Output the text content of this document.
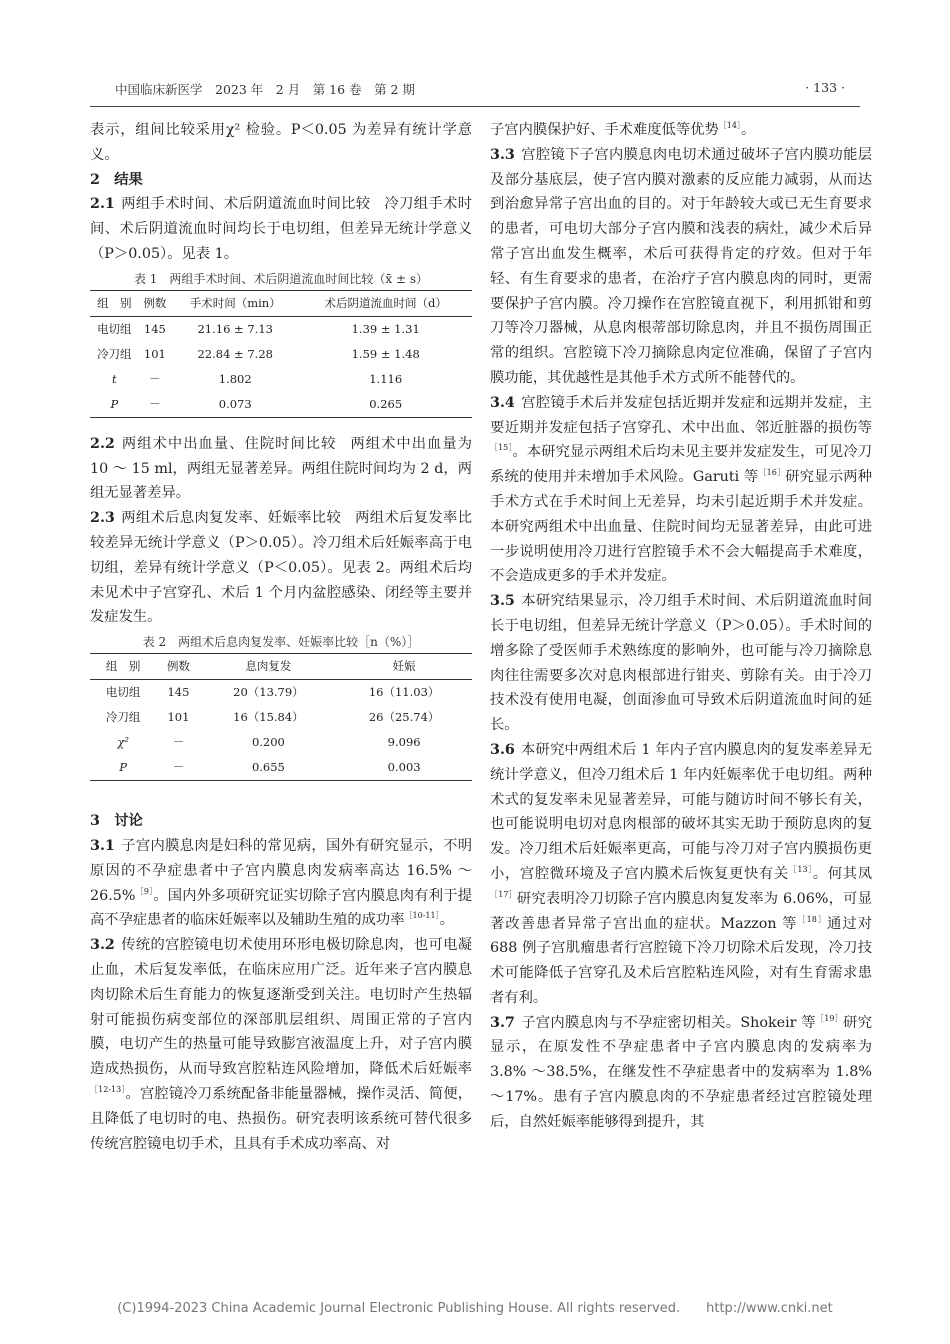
中国临床新医学　2023 年　2 月　第 16 卷　第 2 期	· 133 ·

表示，组间比较采用χ² 检验。P＜0.05 为差异有统计学意义。

2　结果

2.1 两组手术时间、术后阴道流血时间比较 冷刀组手术时间、术后阴道流血时间均长于电切组，但差异无统计学意义（P＞0.05）。见表 1。

表 1　两组手术时间、术后阴道流血时间比较（x̄ ± s）
组　别	例数	手术时间（min）	术后阴道流血时间（d）
电切组	145	21.16 ± 7.13	1.39 ± 1.31
冷刀组	101	22.84 ± 7.28	1.59 ± 1.48
t	－	1.802	1.116
P	－	0.073	0.265

2.2 两组术中出血量、住院时间比较 两组术中出血量为 10 ～ 15 ml，两组无显著差异。两组住院时间均为 2 d，两组无显著差异。

2.3 两组术后息肉复发率、妊娠率比较 两组术后复发率比较差异无统计学意义（P＞0.05）。冷刀组术后妊娠率高于电切组，差异有统计学意义（P＜0.05）。见表 2。两组术后均未见术中子宫穿孔、术后 1 个月内盆腔感染、闭经等主要并发症发生。

表 2　两组术后息肉复发率、妊娠率比较［n（%）］
组　别	例数	息肉复发	妊娠
电切组	145	20（13.79）	16（11.03）
冷刀组	101	16（15.84）	26（25.74）
χ²	－	0.200	9.096
P	－	0.655	0.003

3　讨论

3.1 子宫内膜息肉是妇科的常见病，国外有研究显示，不明原因的不孕症患者中子宫内膜息肉发病率高达 16.5% ～26.5%$^{[9]}$。国内外多项研究证实切除子宫内膜息肉有利于提高不孕症患者的临床妊娠率以及辅助生殖的成功率$^{[10-11]}$。

3.2 传统的宫腔镜电切术使用环形电极切除息肉，也可电凝止血，术后复发率低，在临床应用广泛。近年来子宫内膜息肉切除术后生育能力的恢复逐渐受到关注。电切时产生热辐射可能损伤病变部位的深部肌层组织、周围正常的子宫内膜，电切产生的热量可能导致膨宫液温度上升，对子宫内膜造成热损伤，从而导致宫腔粘连风险增加，降低术后妊娠率$^{[12-13]}$。宫腔镜冷刀系统配备非能量器械，操作灵活、简便，且降低了电切时的电、热损伤。研究表明该系统可替代很多传统宫腔镜电切手术，且具有手术成功率高、对

子宫内膜保护好、手术难度低等优势$^{[14]}$。

3.3 宫腔镜下子宫内膜息肉电切术通过破坏子宫内膜功能层及部分基底层，使子宫内膜对激素的反应能力减弱，从而达到治愈异常子宫出血的目的。对于年龄较大或已无生育要求的患者，可电切大部分子宫内膜和浅表的病灶，减少术后异常子宫出血发生概率，术后可获得肯定的疗效。但对于年轻、有生育要求的患者，在治疗子宫内膜息肉的同时，更需要保护子宫内膜。冷刀操作在宫腔镜直视下，利用抓钳和剪刀等冷刀器械，从息肉根蒂部切除息肉，并且不损伤周围正常的组织。宫腔镜下冷刀摘除息肉定位准确，保留了子宫内膜功能，其优越性是其他手术方式所不能替代的。

3.4 宫腔镜手术后并发症包括近期并发症和远期并发症，主要近期并发症包括子宫穿孔、术中出血、邻近脏器的损伤等$^{[15]}$。本研究显示两组术后均未见主要并发症发生，可见冷刀系统的使用并未增加手术风险。Garuti 等$^{[16]}$研究显示两种手术方式在手术时间上无差异，均未引起近期手术并发症。本研究两组术中出血量、住院时间均无显著差异，由此可进一步说明使用冷刀进行宫腔镜手术不会大幅提高手术难度，不会造成更多的手术并发症。

3.5 本研究结果显示，冷刀组手术时间、术后阴道流血时间长于电切组，但差异无统计学意义（P＞0.05）。手术时间的增多除了受医师手术熟练度的影响外，也可能与冷刀摘除息肉往往需要多次对息肉根部进行钳夹、剪除有关。由于冷刀技术没有使用电凝，创面渗血可导致术后阴道流血时间的延长。

3.6 本研究中两组术后 1 年内子宫内膜息肉的复发率差异无统计学意义，但冷刀组术后 1 年内妊娠率优于电切组。两种术式的复发率未见显著差异，可能与随访时间不够长有关，也可能说明电切对息肉根部的破坏其实无助于预防息肉的复发。冷刀组术后妊娠率更高，可能与冷刀对子宫内膜损伤更小，宫腔微环境及子宫内膜术后恢复更快有关$^{[13]}$。何其凤$^{[17]}$研究表明冷刀切除子宫内膜息肉复发率为 6.06%，可显著改善患者异常子宫出血的症状。Mazzon 等$^{[18]}$通过对 688 例子宫肌瘤患者行宫腔镜下冷刀切除术后发现，冷刀技术可能降低子宫穿孔及术后宫腔粘连风险，对有生育需求患者有利。

3.7 子宫内膜息肉与不孕症密切相关。Shokeir 等$^{[19]}$研究显示，在原发性不孕症患者中子宫内膜息肉的发病率为 3.8% ～38.5%，在继发性不孕症患者中的发病率为 1.8% ～17%。患有子宫内膜息肉的不孕症患者经过宫腔镜处理后，自然妊娠率能够得到提升，其

(C)1994-2023 China Academic Journal Electronic Publishing House. All rights reserved.　　http://www.cnki.net
